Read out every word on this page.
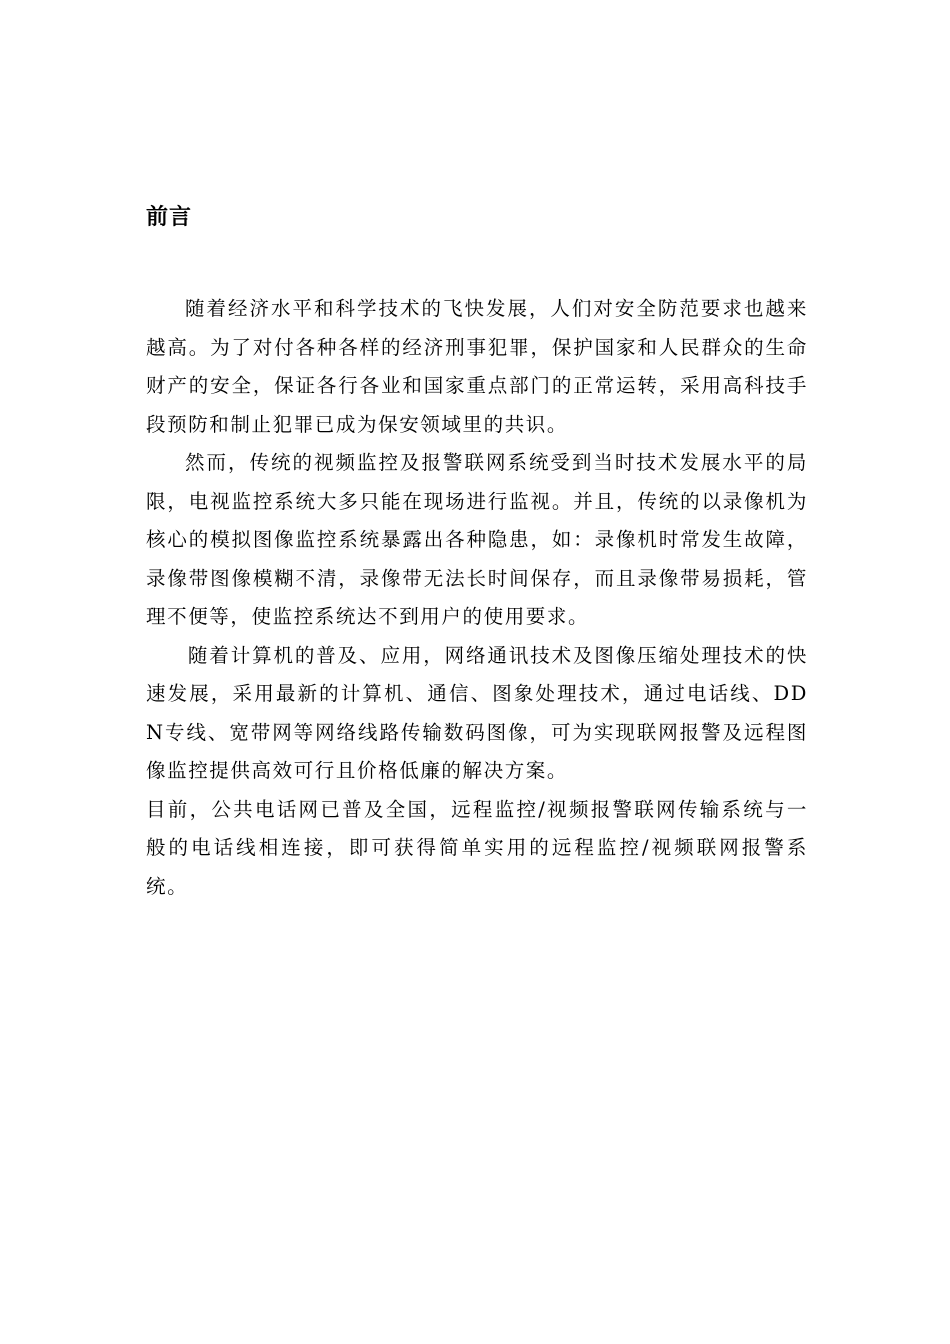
前言

随着经济水平和科学技术的飞快发展，人们对安全防范要求也越来越高。为了对付各种各样的经济刑事犯罪，保护国家和人民群众的生命财产的安全，保证各行各业和国家重点部门的正常运转，采用高科技手段预防和制止犯罪已成为保安领域里的共识。

然而，传统的视频监控及报警联网系统受到当时技术发展水平的局限，电视监控系统大多只能在现场进行监视。并且，传统的以录像机为核心的模拟图像监控系统暴露出各种隐患，如：录像机时常发生故障，录像带图像模糊不清，录像带无法长时间保存，而且录像带易损耗，管理不便等，使监控系统达不到用户的使用要求。

随着计算机的普及、应用，网络通讯技术及图像压缩处理技术的快速发展，采用最新的计算机、通信、图象处理技术，通过电话线、DDN专线、宽带网等网络线路传输数码图像，可为实现联网报警及远程图像监控提供高效可行且价格低廉的解决方案。

目前，公共电话网已普及全国，远程监控/视频报警联网传输系统与一般的电话线相连接，即可获得简单实用的远程监控/视频联网报警系统。
